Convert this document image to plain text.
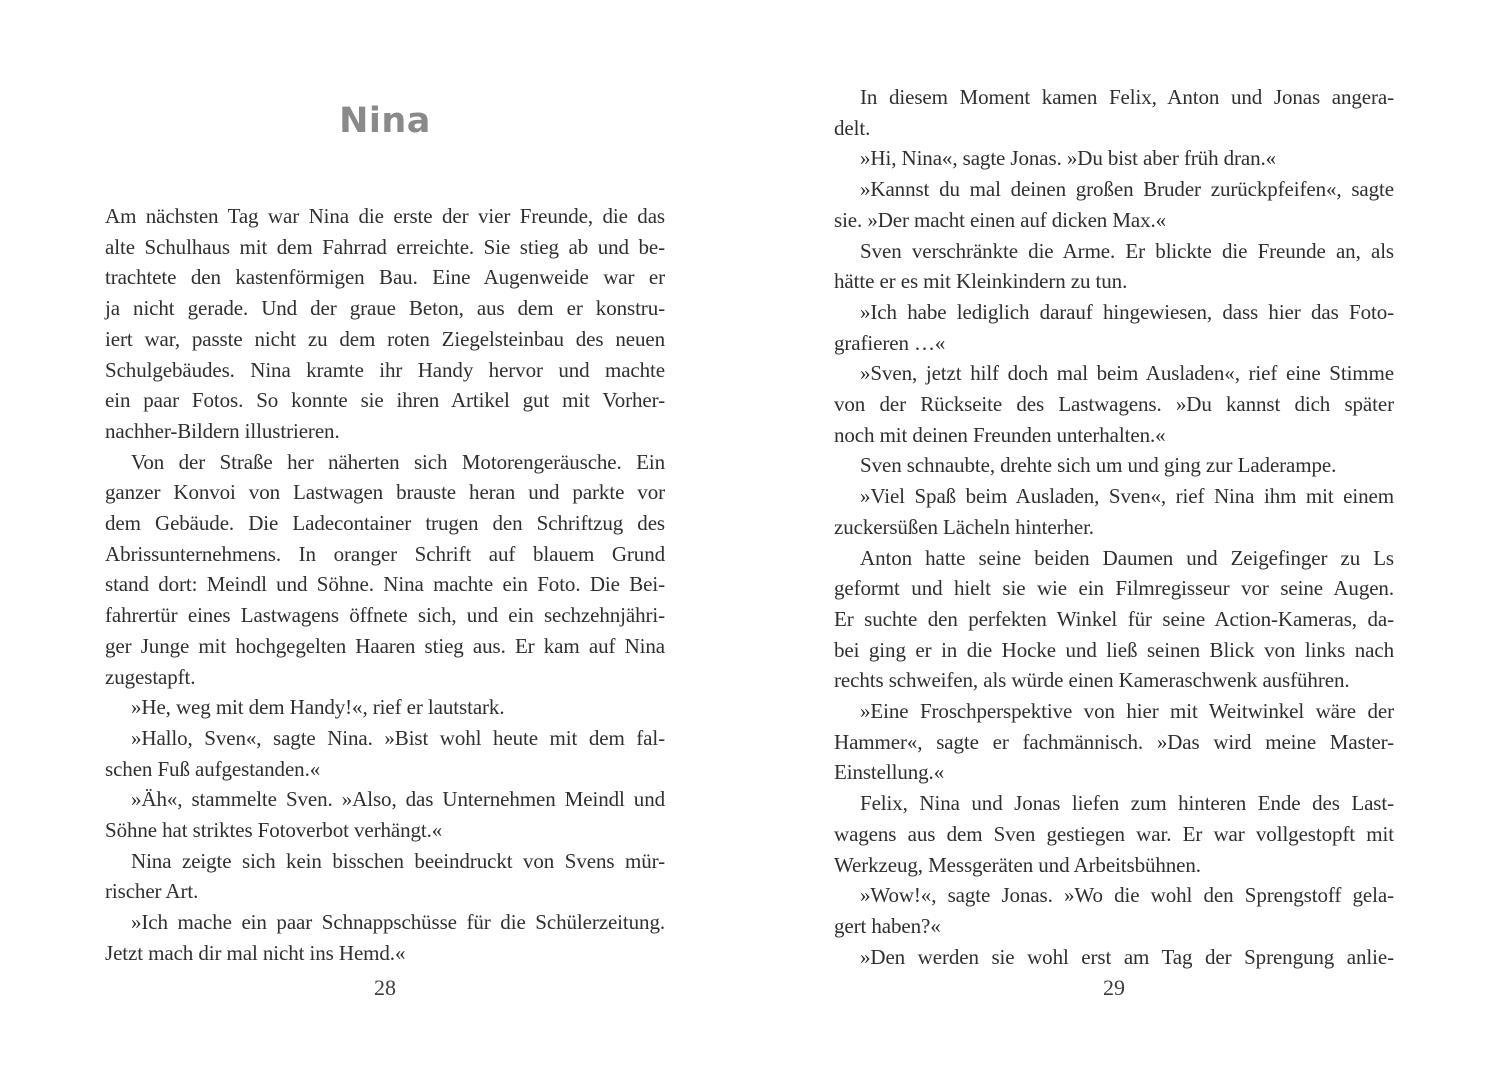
Nina

Am nächsten Tag war Nina die erste der vier Freunde, die das
alte Schulhaus mit dem Fahrrad erreichte. Sie stieg ab und be-
trachtete den kastenförmigen Bau. Eine Augenweide war er
ja nicht gerade. Und der graue Beton, aus dem er konstru-
iert war, passte nicht zu dem roten Ziegelsteinbau des neuen
Schulgebäudes. Nina kramte ihr Handy hervor und machte
ein paar Fotos. So konnte sie ihren Artikel gut mit Vorher-
nachher-Bildern illustrieren.

Von der Straße her näherten sich Motorengeräusche. Ein
ganzer Konvoi von Lastwagen brauste heran und parkte vor
dem Gebäude. Die Ladecontainer trugen den Schriftzug des
Abrissunternehmens. In oranger Schrift auf blauem Grund
stand dort: Meindl und Söhne. Nina machte ein Foto. Die Bei-
fahrertür eines Lastwagens öffnete sich, und ein sechzehnjähri-
ger Junge mit hochgegelten Haaren stieg aus. Er kam auf Nina
zugestapft.

»He, weg mit dem Handy!«, rief er lautstark.

»Hallo, Sven«, sagte Nina. »Bist wohl heute mit dem fal-
schen Fuß aufgestanden.«

»Äh«, stammelte Sven. »Also, das Unternehmen Meindl und
Söhne hat striktes Fotoverbot verhängt.«

Nina zeigte sich kein bisschen beeindruckt von Svens mür-
rischer Art.

»Ich mache ein paar Schnappschüsse für die Schülerzeitung.
Jetzt mach dir mal nicht ins Hemd.«

28

In diesem Moment kamen Felix, Anton und Jonas angera-
delt.

»Hi, Nina«, sagte Jonas. »Du bist aber früh dran.«

»Kannst du mal deinen großen Bruder zurückpfeifen«, sagte
sie. »Der macht einen auf dicken Max.«

Sven verschränkte die Arme. Er blickte die Freunde an, als
hätte er es mit Kleinkindern zu tun.

»Ich habe lediglich darauf hingewiesen, dass hier das Foto-
grafieren …«

»Sven, jetzt hilf doch mal beim Ausladen«, rief eine Stimme
von der Rückseite des Lastwagens. »Du kannst dich später
noch mit deinen Freunden unterhalten.«

Sven schnaubte, drehte sich um und ging zur Laderampe.

»Viel Spaß beim Ausladen, Sven«, rief Nina ihm mit einem
zuckersüßen Lächeln hinterher.

Anton hatte seine beiden Daumen und Zeigefinger zu Ls
geformt und hielt sie wie ein Filmregisseur vor seine Augen.
Er suchte den perfekten Winkel für seine Action-Kameras, da-
bei ging er in die Hocke und ließ seinen Blick von links nach
rechts schweifen, als würde einen Kameraschwenk ausführen.

»Eine Froschperspektive von hier mit Weitwinkel wäre der
Hammer«, sagte er fachmännisch. »Das wird meine Master-
Einstellung.«

Felix, Nina und Jonas liefen zum hinteren Ende des Last-
wagens aus dem Sven gestiegen war. Er war vollgestopft mit
Werkzeug, Messgeräten und Arbeitsbühnen.

»Wow!«, sagte Jonas. »Wo die wohl den Sprengstoff gela-
gert haben?«

»Den werden sie wohl erst am Tag der Sprengung anlie-

29
